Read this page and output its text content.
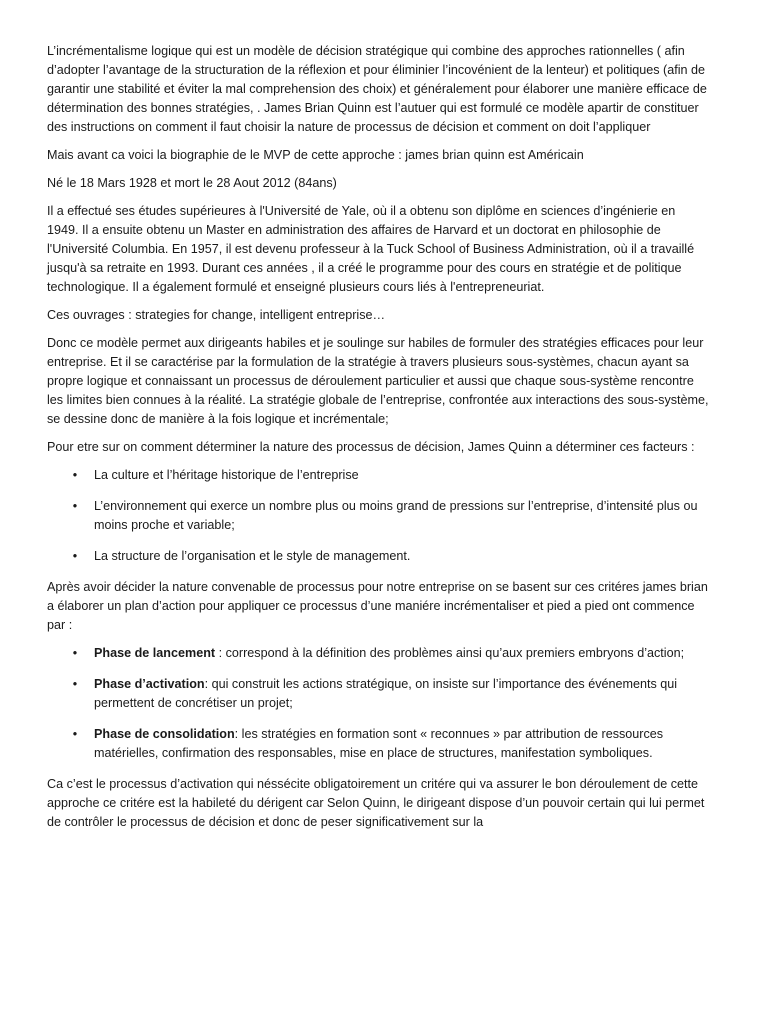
L’incrémentalisme logique qui est un modèle de décision stratégique qui combine des approches rationnelles ( afin d’adopter l’avantage de la structuration de la réflexion et pour éliminier l’incovénient de la lenteur) et politiques (afin de garantir une stabilité et éviter la mal comprehension des choix) et généralement pour élaborer une manière efficace de détermination des bonnes stratégies, . James Brian Quinn est l’autuer qui est formulé ce modèle apartir de constituer des instructions on comment il faut choisir la nature de processus de décision et comment on doit l’appliquer

Mais avant ca voici la biographie de le MVP de cette approche : james brian quinn est Américain

Né le 18 Mars 1928 et mort le 28 Aout 2012 (84ans)

Il a effectué ses études supérieures à l'Université de Yale, où il a obtenu son diplôme en sciences d’ingénierie en 1949. Il a ensuite obtenu un Master en administration des affaires de Harvard et un doctorat en philosophie de l'Université Columbia. En 1957, il est devenu professeur à la Tuck School of Business Administration, où il a travaillé jusqu'à sa retraite en 1993. Durant ces années , il a créé le programme pour des cours en stratégie et de politique technologique. Il a également formulé et enseigné plusieurs cours liés à l'entrepreneuriat.

Ces ouvrages : strategies for change, intelligent entreprise…

Donc ce modèle permet aux dirigeants habiles et je soulinge sur habiles de formuler des stratégies efficaces pour leur entreprise. Et il se caractérise par la formulation de la stratégie à travers plusieurs sous-systèmes, chacun ayant sa propre logique et connaissant un processus de déroulement particulier et aussi que chaque sous-système rencontre les limites bien connues à la réalité. La stratégie globale de l’entreprise, confrontée aux interactions des sous-système, se dessine donc de manière à la fois logique et incrémentale;

Pour etre sur on comment déterminer la nature des processus de décision, James Quinn a déterminer ces facteurs :

• La culture et l’héritage historique de l’entreprise
• L’environnement qui exerce un nombre plus ou moins grand de pressions sur l’entreprise, d’intensité plus ou moins proche et variable;
• La structure de l’organisation et le style de management.

Après avoir décider la nature convenable de processus pour notre entreprise on se basent sur ces critéres james brian a élaborer un plan d’action pour appliquer ce processus d’une maniére incrémentaliser et pied a pied ont commence par :

• Phase de lancement : correspond à la définition des problèmes ainsi qu’aux premiers embryons d’action;
• Phase d’activation: qui construit les actions stratégique, on insiste sur l’importance des événements qui permettent de concrétiser un projet;
• Phase de consolidation: les stratégies en formation sont « reconnues » par attribution de ressources matérielles, confirmation des responsables, mise en place de structures, manifestation symboliques.

Ca c’est le processus d’activation qui néssécite obligatoirement un critére qui va assurer le bon déroulement de cette approche ce critére est la habileté du dérigent car Selon Quinn, le dirigeant dispose d’un pouvoir certain qui lui permet de contrôler le processus de décision et donc de peser significativement sur la
